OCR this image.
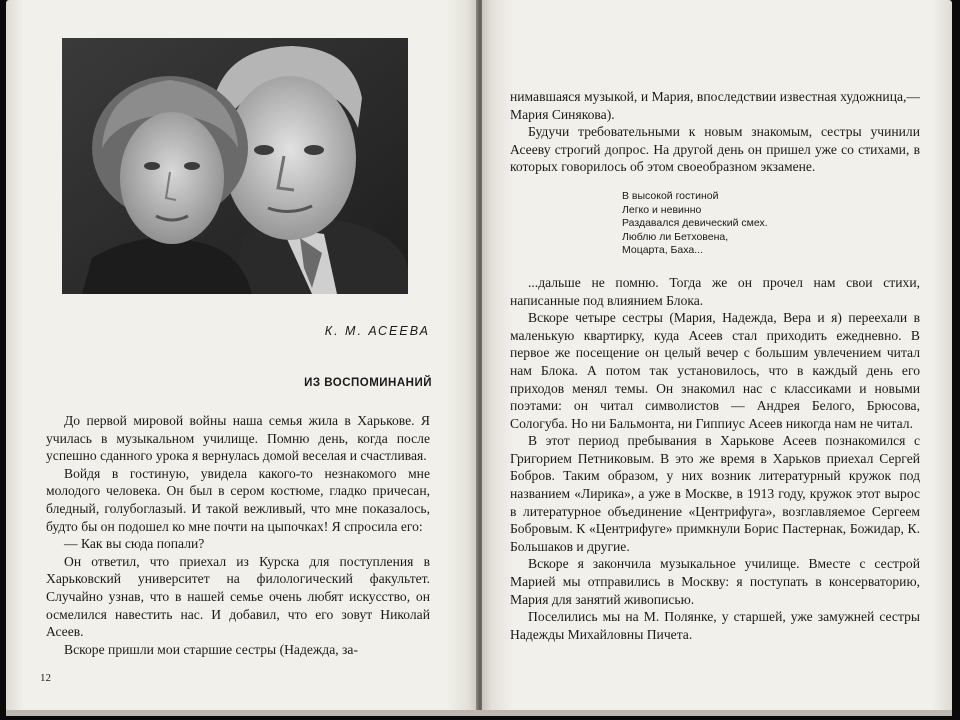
К. М. АСЕЕВА
ИЗ ВОСПОМИНАНИЙ

До первой мировой войны наша семья жила в Харькове. Я училась в музыкальном училище. Помню день, когда после успешно сданного урока я вернулась домой веселая и счастливая.

Войдя в гостиную, увидела какого-то незнакомого мне молодого человека. Он был в сером костюме, гладко причесан, бледный, голубоглазый. И такой вежливый, что мне показалось, будто бы он подошел ко мне почти на цыпочках! Я спросила его:

— Как вы сюда попали?

Он ответил, что приехал из Курска для поступления в Харьковский университет на филологический факультет. Случайно узнав, что в нашей семье очень любят искусство, он осмелился навестить нас. И добавил, что его зовут Николай Асеев.

Вскоре пришли мои старшие сестры (Надежда, за-

12

нимавшаяся музыкой, и Мария, впоследствии известная художница,— Мария Синякова).

Будучи требовательными к новым знакомым, сестры учинили Асееву строгий допрос. На другой день он пришел уже со стихами, в которых говорилось об этом своеобразном экзамене.

В высокой гостиной
Легко и невинно
Раздавался девический смех.
Люблю ли Бетховена,
Моцарта, Баха...

...дальше не помню. Тогда же он прочел нам свои стихи, написанные под влиянием Блока.

Вскоре четыре сестры (Мария, Надежда, Вера и я) переехали в маленькую квартирку, куда Асеев стал приходить ежедневно. В первое же посещение он целый вечер с большим увлечением читал нам Блока. А потом так установилось, что в каждый день его приходов менял темы. Он знакомил нас с классиками и новыми поэтами: он читал символистов — Андрея Белого, Брюсова, Сологуба. Но ни Бальмонта, ни Гиппиус Асеев никогда нам не читал.

В этот период пребывания в Харькове Асеев познакомился с Григорием Петниковым. В это же время в Харьков приехал Сергей Бобров. Таким образом, у них возник литературный кружок под названием «Лирика», а уже в Москве, в 1913 году, кружок этот вырос в литературное объединение «Центрифуга», возглавляемое Сергеем Бобровым. К «Центрифуге» примкнули Борис Пастернак, Божидар, К. Большаков и другие.

Вскоре я закончила музыкальное училище. Вместе с сестрой Марией мы отправились в Москву: я поступать в консерваторию, Мария для занятий живописью.

Поселились мы на М. Полянке, у старшей, уже замужней сестры Надежды Михайловны Пичета.
